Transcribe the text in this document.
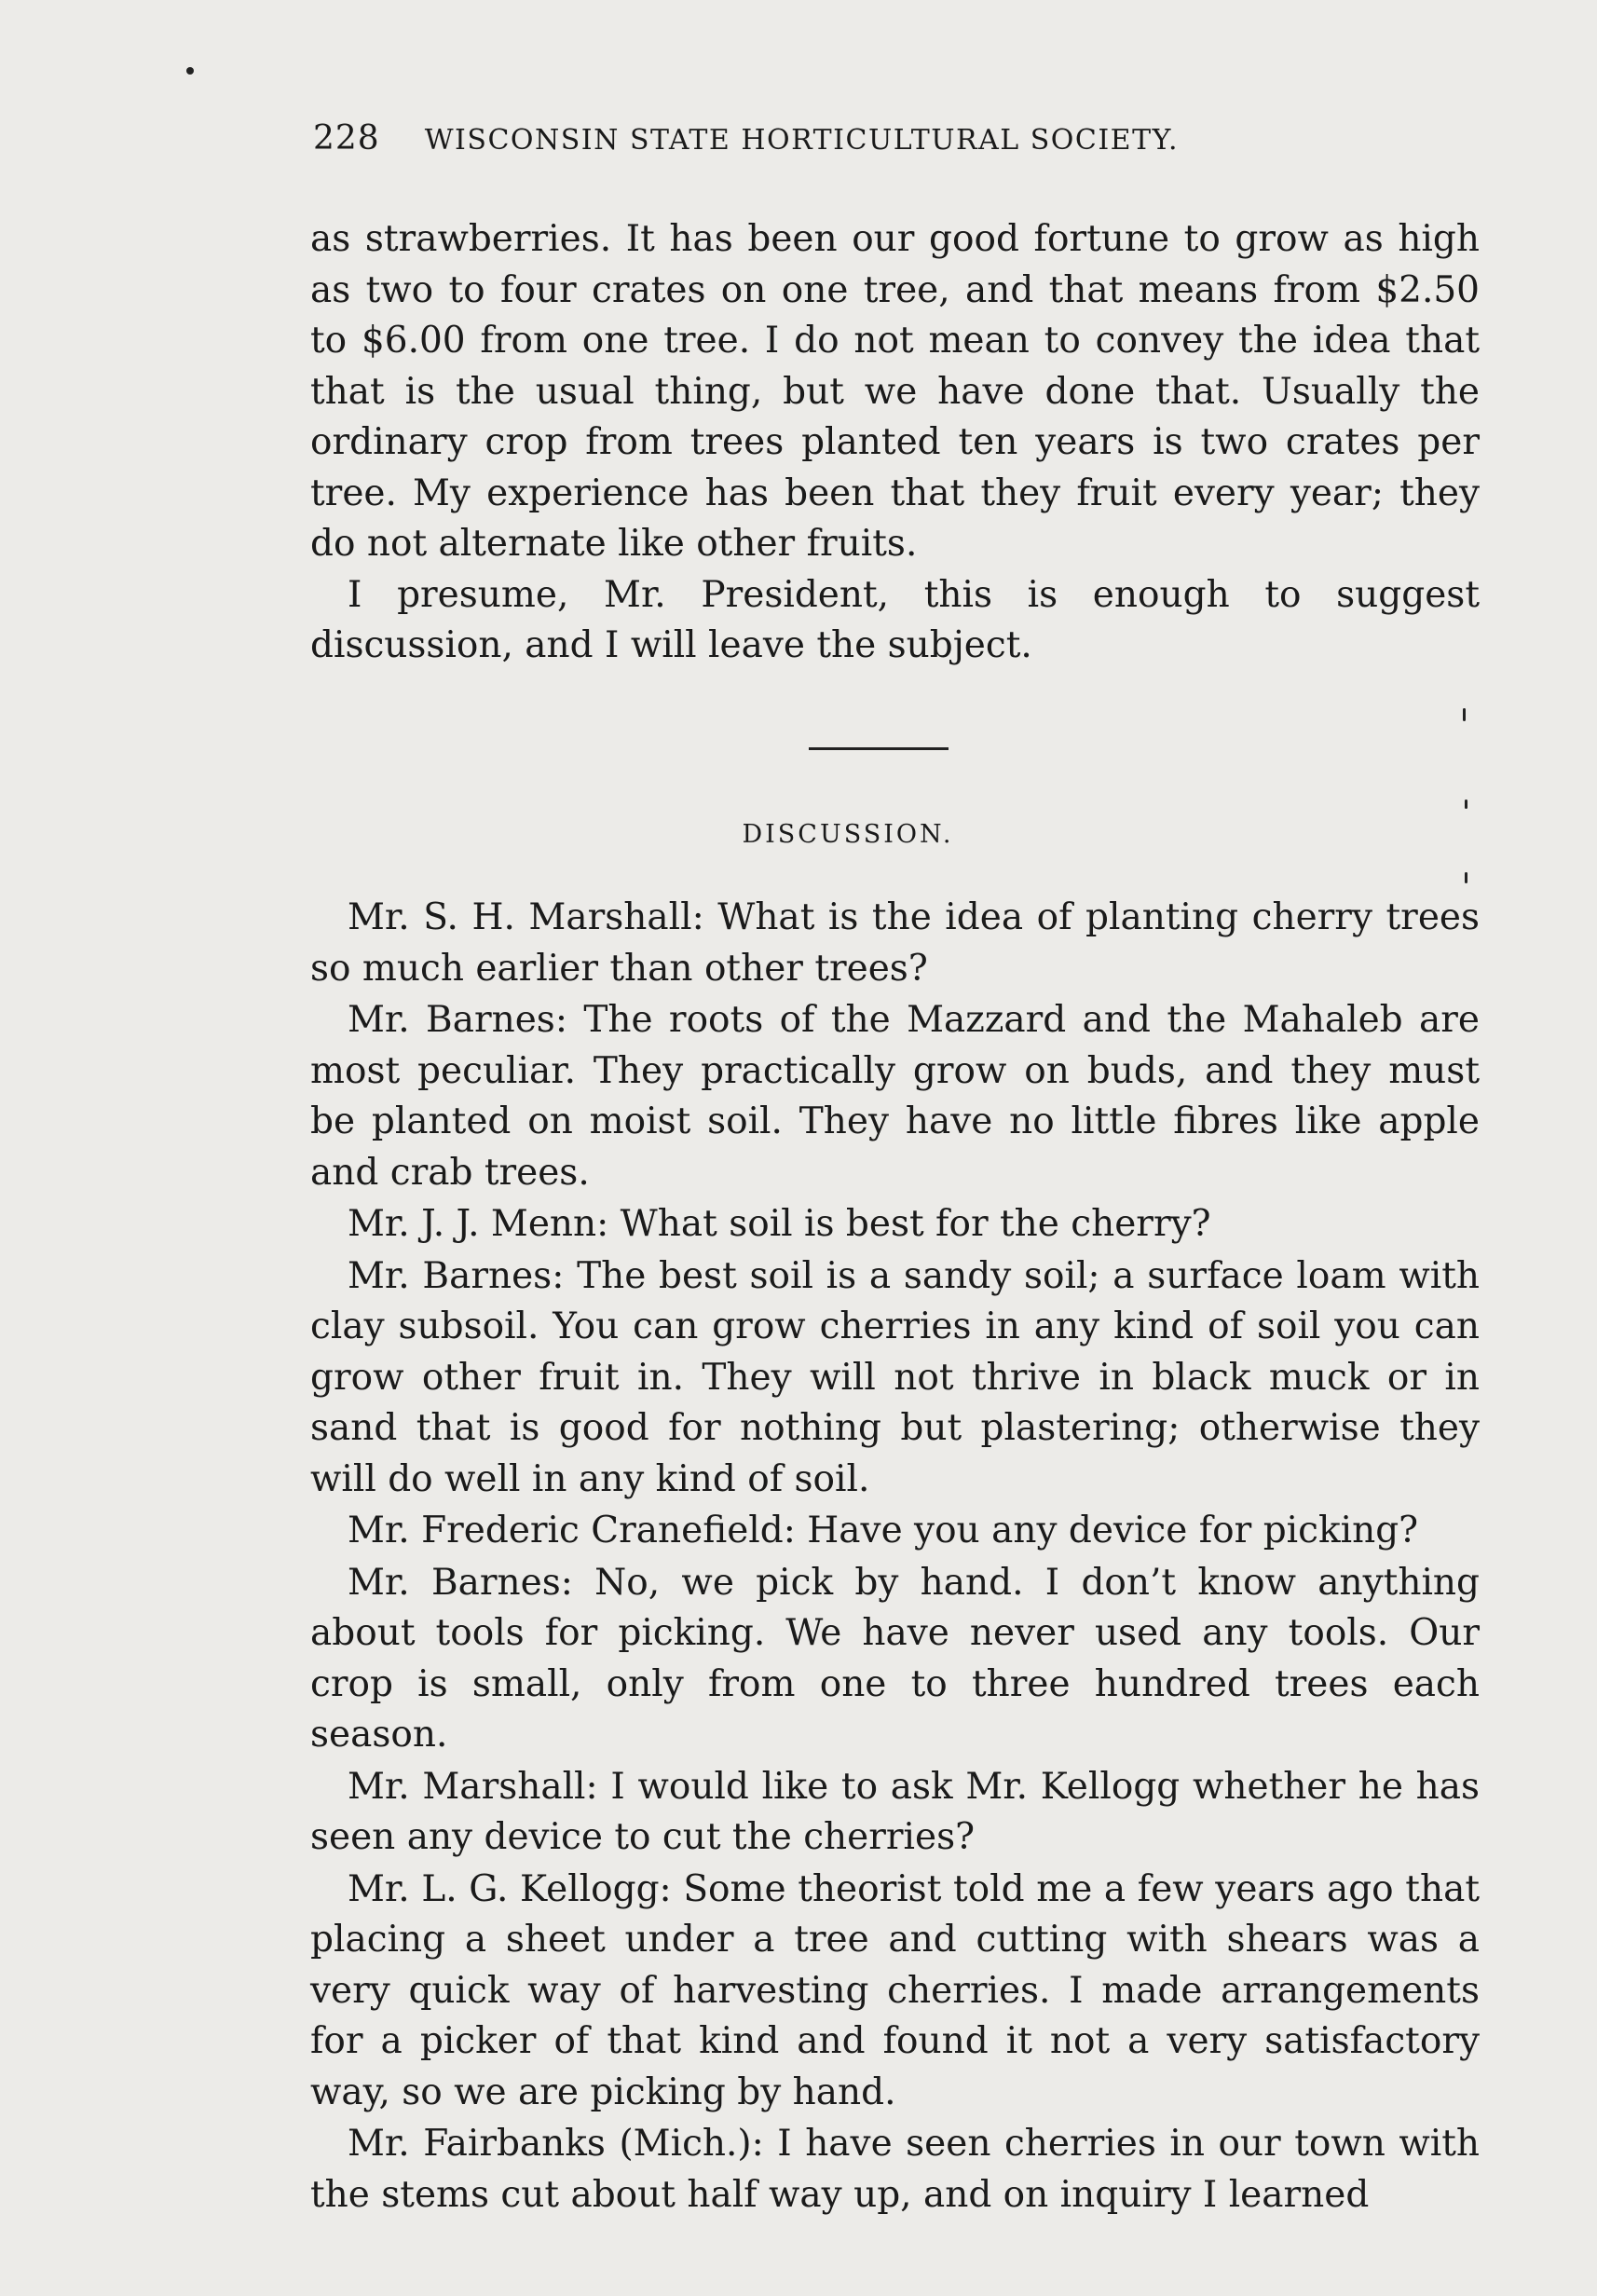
228 WISCONSIN STATE HORTICULTURAL SOCIETY.

as strawberries. It has been our good fortune to grow as high as two to four crates on one tree, and that means from $2.50 to $6.00 from one tree. I do not mean to convey the idea that that is the usual thing, but we have done that. Usually the ordinary crop from trees planted ten years is two crates per tree. My experience has been that they fruit every year; they do not alternate like other fruits.

I presume, Mr. President, this is enough to suggest discussion, and I will leave the subject.

DISCUSSION.

Mr. S. H. Marshall: What is the idea of planting cherry trees so much earlier than other trees?

Mr. Barnes: The roots of the Mazzard and the Mahaleb are most peculiar. They practically grow on buds, and they must be planted on moist soil. They have no little fibres like apple and crab trees.

Mr. J. J. Menn: What soil is best for the cherry?

Mr. Barnes: The best soil is a sandy soil; a surface loam with clay subsoil. You can grow cherries in any kind of soil you can grow other fruit in. They will not thrive in black muck or in sand that is good for nothing but plastering; otherwise they will do well in any kind of soil.

Mr. Frederic Cranefield: Have you any device for picking?

Mr. Barnes: No, we pick by hand. I don’t know anything about tools for picking. We have never used any tools. Our crop is small, only from one to three hundred trees each season.

Mr. Marshall: I would like to ask Mr. Kellogg whether he has seen any device to cut the cherries?

Mr. L. G. Kellogg: Some theorist told me a few years ago that placing a sheet under a tree and cutting with shears was a very quick way of harvesting cherries. I made arrangements for a picker of that kind and found it not a very satisfactory way, so we are picking by hand.

Mr. Fairbanks (Mich.): I have seen cherries in our town with the stems cut about half way up, and on inquiry I learned
